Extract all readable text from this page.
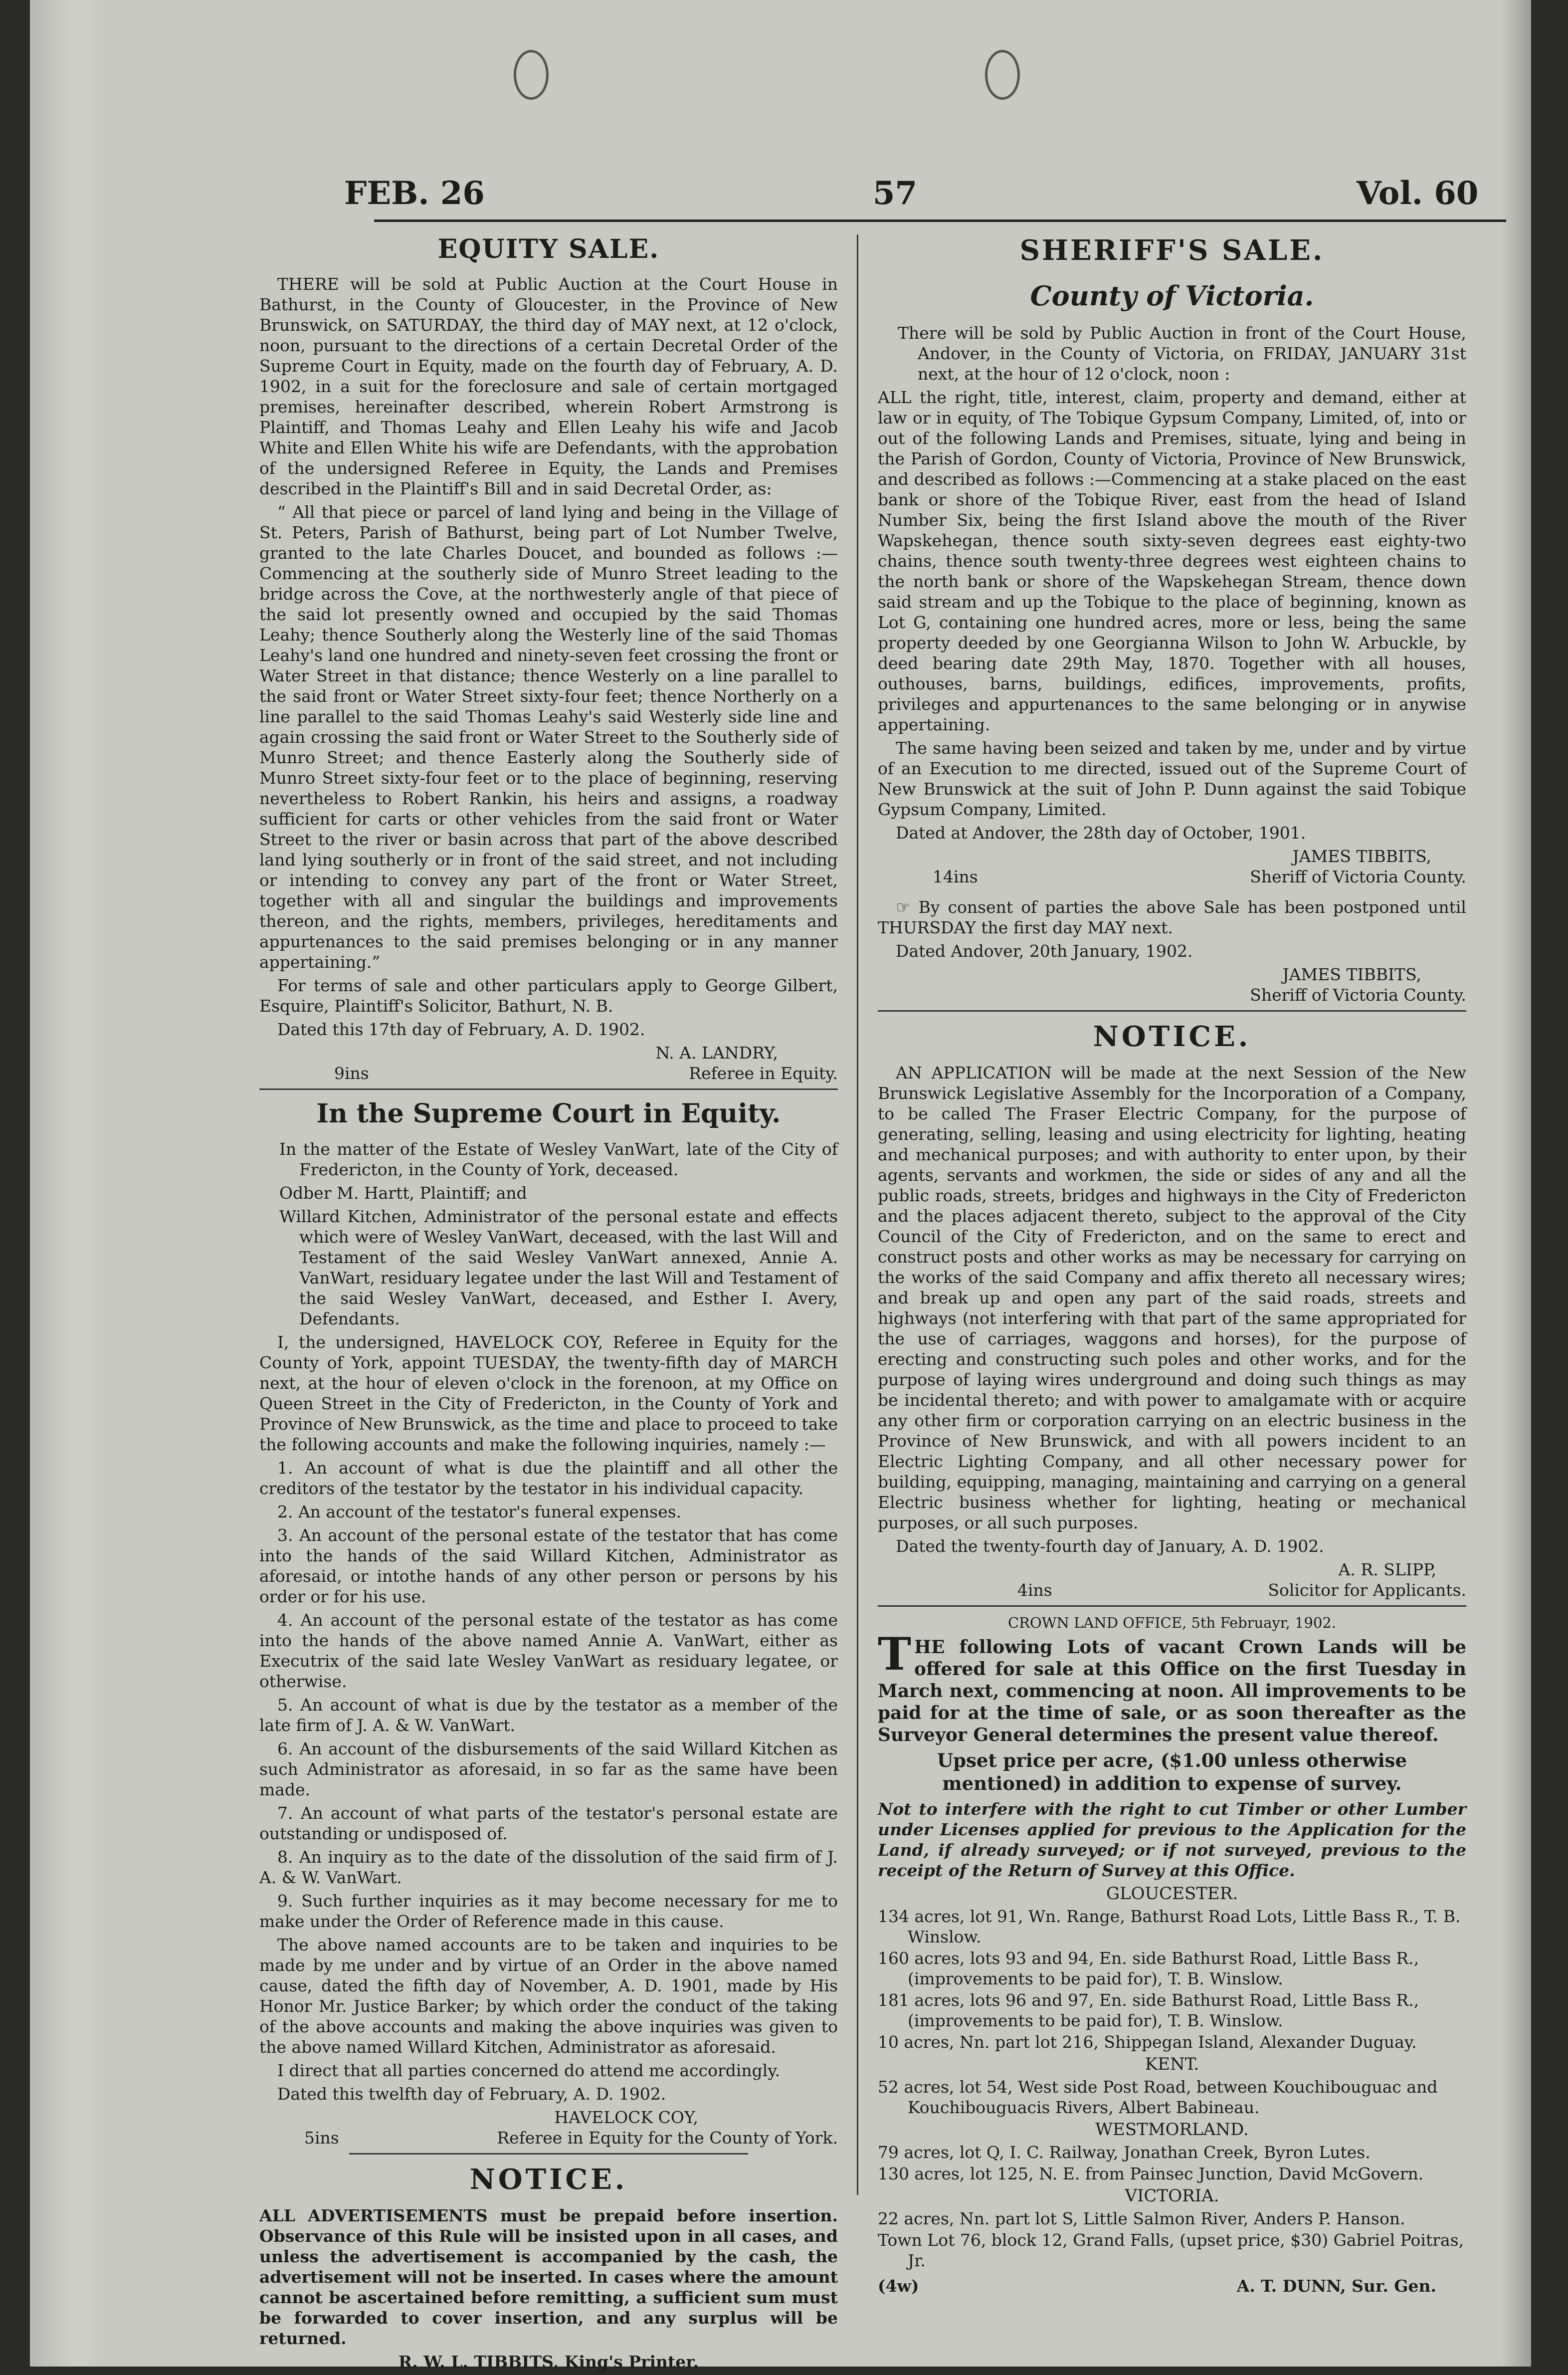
FEB. 26	57	Vol. 60
EQUITY SALE.

THERE will be sold at Public Auction at the Court House in Bathurst, in the County of Gloucester, in the Province of New Brunswick, on SATURDAY, the third day of MAY next, at 12 o'clock, noon, pursuant to the directions of a certain Decretal Order of the Supreme Court in Equity, made on the fourth day of February, A. D. 1902, in a suit for the foreclosure and sale of certain mortgaged premises, hereinafter described, wherein Robert Armstrong is Plaintiff, and Thomas Leahy and Ellen Leahy his wife and Jacob White and Ellen White his wife are Defendants, with the approbation of the undersigned Referee in Equity, the Lands and Premises described in the Plaintiff's Bill and in said Decretal Order, as:

“ All that piece or parcel of land lying and being in the Village of St. Peters, Parish of Bathurst, being part of Lot Number Twelve, granted to the late Charles Doucet, and bounded as follows :— Commencing at the southerly side of Munro Street leading to the bridge across the Cove, at the northwesterly angle of that piece of the said lot presently owned and occupied by the said Thomas Leahy; thence Southerly along the Westerly line of the said Thomas Leahy's land one hundred and ninety-seven feet crossing the front or Water Street in that distance; thence Westerly on a line parallel to the said front or Water Street sixty-four feet; thence Northerly on a line parallel to the said Thomas Leahy's said Westerly side line and again crossing the said front or Water Street to the Southerly side of Munro Street; and thence Easterly along the Southerly side of Munro Street sixty-four feet or to the place of beginning, reserving nevertheless to Robert Rankin, his heirs and assigns, a roadway sufficient for carts or other vehicles from the said front or Water Street to the river or basin across that part of the above described land lying southerly or in front of the said street, and not including or intending to convey any part of the front or Water Street, together with all and singular the buildings and improvements thereon, and the rights, members, privileges, hereditaments and appurtenances to the said premises belonging or in any manner appertaining.”

For terms of sale and other particulars apply to George Gilbert, Esquire, Plaintiff's Solicitor, Bathurt, N. B.

Dated this 17th day of February, A. D. 1902.

N. A. LANDRY,
9ins	Referee in Equity.
In the Supreme Court in Equity.

In the matter of the Estate of Wesley VanWart, late of the City of Fredericton, in the County of York, deceased.

Odber M. Hartt, Plaintiff; and

Willard Kitchen, Administrator of the personal estate and effects which were of Wesley VanWart, deceased, with the last Will and Testament of the said Wesley VanWart annexed, Annie A. VanWart, residuary legatee under the last Will and Testament of the said Wesley VanWart, deceased, and Esther I. Avery, Defendants.

I, the undersigned, HAVELOCK COY, Referee in Equity for the County of York, appoint TUESDAY, the twenty-fifth day of MARCH next, at the hour of eleven o'clock in the forenoon, at my Office on Queen Street in the City of Fredericton, in the County of York and Province of New Brunswick, as the time and place to proceed to take the following accounts and make the following inquiries, namely :—

1. An account of what is due the plaintiff and all other the creditors of the testator by the testator in his individual capacity.

2. An account of the testator's funeral expenses.

3. An account of the personal estate of the testator that has come into the hands of the said Willard Kitchen, Administrator as aforesaid, or intothe hands of any other person or persons by his order or for his use.

4. An account of the personal estate of the testator as has come into the hands of the above named Annie A. VanWart, either as Executrix of the said late Wesley VanWart as residuary legatee, or otherwise.

5. An account of what is due by the testator as a member of the late firm of J. A. & W. VanWart.

6. An account of the disbursements of the said Willard Kitchen as such Administrator as aforesaid, in so far as the same have been made.

7. An account of what parts of the testator's personal estate are outstanding or undisposed of.

8. An inquiry as to the date of the dissolution of the said firm of J. A. & W. VanWart.

9. Such further inquiries as it may become necessary for me to make under the Order of Reference made in this cause.

The above named accounts are to be taken and inquiries to be made by me under and by virtue of an Order in the above named cause, dated the fifth day of November, A. D. 1901, made by His Honor Mr. Justice Barker; by which order the conduct of the taking of the above accounts and making the above inquiries was given to the above named Willard Kitchen, Administrator as aforesaid.

I direct that all parties concerned do attend me accordingly.

Dated this twelfth day of February, A. D. 1902.

HAVELOCK COY,
5ins	Referee in Equity for the County of York.
NOTICE.

ALL ADVERTISEMENTS must be prepaid before insertion. Observance of this Rule will be insisted upon in all cases, and unless the advertisement is accompanied by the cash, the advertisement will not be inserted. In cases where the amount cannot be ascertained before remitting, a sufficient sum must be forwarded to cover insertion, and any surplus will be returned.

R. W. L. TIBBITS, King's Printer.

SHERIFF'S SALE.
County of Victoria.

There will be sold by Public Auction in front of the Court House, Andover, in the County of Victoria, on FRIDAY, JANUARY 31st next, at the hour of 12 o'clock, noon :

ALL the right, title, interest, claim, property and demand, either at law or in equity, of The Tobique Gypsum Company, Limited, of, into or out of the following Lands and Premises, situate, lying and being in the Parish of Gordon, County of Victoria, Province of New Brunswick, and described as follows :—Commencing at a stake placed on the east bank or shore of the Tobique River, east from the head of Island Number Six, being the first Island above the mouth of the River Wapskehegan, thence south sixty-seven degrees east eighty-two chains, thence south twenty-three degrees west eighteen chains to the north bank or shore of the Wapskehegan Stream, thence down said stream and up the Tobique to the place of beginning, known as Lot G, containing one hundred acres, more or less, being the same property deeded by one Georgianna Wilson to John W. Arbuckle, by deed bearing date 29th May, 1870. Together with all houses, outhouses, barns, buildings, edifices, improvements, profits, privileges and appurtenances to the same belonging or in anywise appertaining.

The same having been seized and taken by me, under and by virtue of an Execution to me directed, issued out of the Supreme Court of New Brunswick at the suit of John P. Dunn against the said Tobique Gypsum Company, Limited.

Dated at Andover, the 28th day of October, 1901.

JAMES TIBBITS,
14ins	Sheriff of Victoria County.

☞ By consent of parties the above Sale has been postponed until THURSDAY the first day MAY next.

Dated Andover, 20th January, 1902.

JAMES TIBBITS,
Sheriff of Victoria County.
NOTICE.

AN APPLICATION will be made at the next Session of the New Brunswick Legislative Assembly for the Incorporation of a Company, to be called The Fraser Electric Company, for the purpose of generating, selling, leasing and using electricity for lighting, heating and mechanical purposes; and with authority to enter upon, by their agents, servants and workmen, the side or sides of any and all the public roads, streets, bridges and highways in the City of Fredericton and the places adjacent thereto, subject to the approval of the City Council of the City of Fredericton, and on the same to erect and construct posts and other works as may be necessary for carrying on the works of the said Company and affix thereto all necessary wires; and break up and open any part of the said roads, streets and highways (not interfering with that part of the same appropriated for the use of carriages, waggons and horses), for the purpose of erecting and constructing such poles and other works, and for the purpose of laying wires underground and doing such things as may be incidental thereto; and with power to amalgamate with or acquire any other firm or corporation carrying on an electric business in the Province of New Brunswick, and with all powers incident to an Electric Lighting Company, and all other necessary power for building, equipping, managing, maintaining and carrying on a general Electric business whether for lighting, heating or mechanical purposes, or all such purposes.

Dated the twenty-fourth day of January, A. D. 1902.

A. R. SLIPP,
4ins	Solicitor for Applicants.

CROWN LAND OFFICE, 5th Februayr, 1902.

THE following Lots of vacant Crown Lands will be offered for sale at this Office on the first Tuesday in March next, commencing at noon. All improvements to be paid for at the time of sale, or as soon thereafter as the Surveyor General determines the present value thereof.

Upset price per acre, ($1.00 unless otherwise mentioned) in addition to expense of survey.

Not to interfere with the right to cut Timber or other Lumber under Licenses applied for previous to the Application for the Land, if already surveyed; or if not surveyed, previous to the receipt of the Return of Survey at this Office.

GLOUCESTER.

134 acres, lot 91, Wn. Range, Bathurst Road Lots, Little Bass R., T. B. Winslow.

160 acres, lots 93 and 94, En. side Bathurst Road, Little Bass R., (improvements to be paid for), T. B. Winslow.

181 acres, lots 96 and 97, En. side Bathurst Road, Little Bass R., (improvements to be paid for), T. B. Winslow.

10 acres, Nn. part lot 216, Shippegan Island, Alexander Duguay.

KENT.

52 acres, lot 54, West side Post Road, between Kouchibouguac and Kouchibouguacis Rivers, Albert Babineau.

WESTMORLAND.

79 acres, lot Q, I. C. Railway, Jonathan Creek, Byron Lutes.

130 acres, lot 125, N. E. from Painsec Junction, David McGovern.

VICTORIA.

22 acres, Nn. part lot S, Little Salmon River, Anders P. Hanson.

Town Lot 76, block 12, Grand Falls, (upset price, $30) Gabriel Poitras, Jr.

(4w)	A. T. DUNN, Sur. Gen.
